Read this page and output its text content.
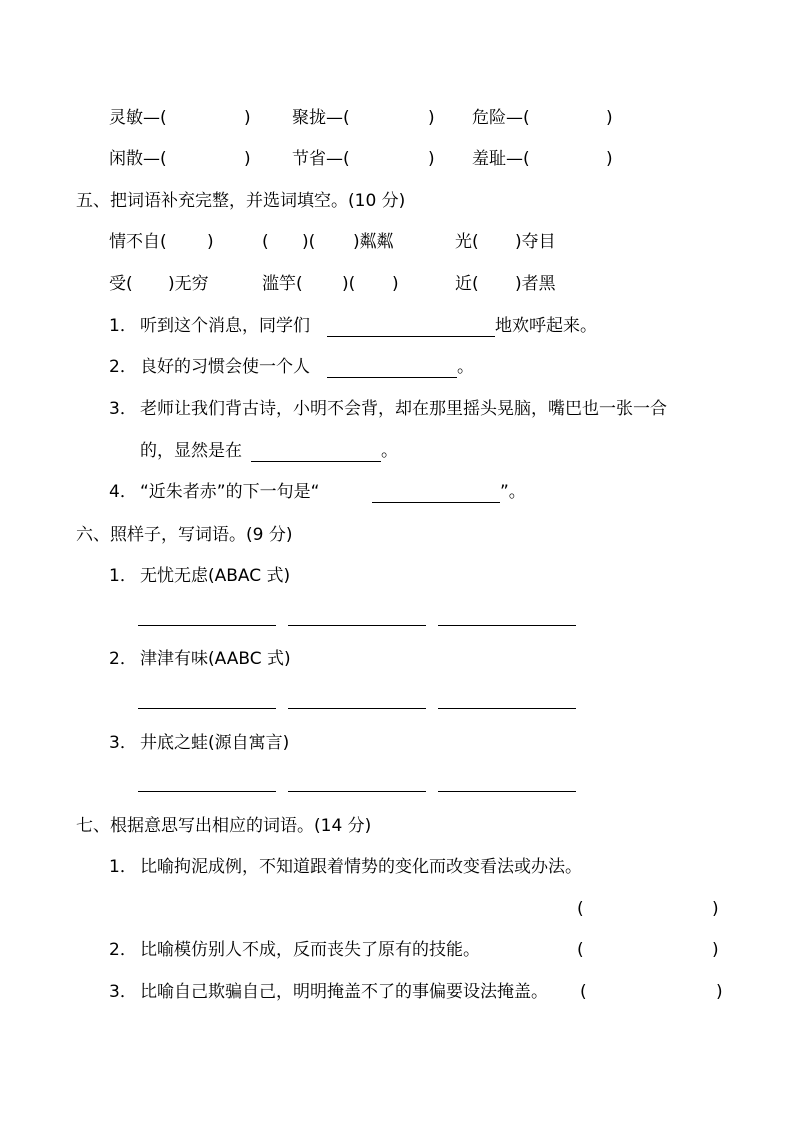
灵敏—(	) 聚拢—(	) 危险—(	)
闲散—(	) 节省—(	) 羞耻—(	)
五、把词语补充完整，并选词填空。(10 分)
情不自( )	( )( )粼粼	光( )夺目
受( )无穷	滥竽( )( )	近( )者黑
1． 听到这个消息，同学们	地欢呼起来。
2． 良好的习惯会使一个人	。
3． 老师让我们背古诗，小明不会背，却在那里摇头晃脑，嘴巴也一张一合
的，显然是在	。
4． “近朱者赤”的下一句是“	”。
六、照样子，写词语。(9 分)
1． 无忧无虑(ABAC 式)
2． 津津有味(AABC 式)
3． 井底之蛙(源自寓言)
七、根据意思写出相应的词语。(14 分)
1． 比喻拘泥成例，不知道跟着情势的变化而改变看法或办法。
(	)
2． 比喻模仿别人不成，反而丧失了原有的技能。	(	)
3． 比喻自己欺骗自己，明明掩盖不了的事偏要设法掩盖。 (	)
